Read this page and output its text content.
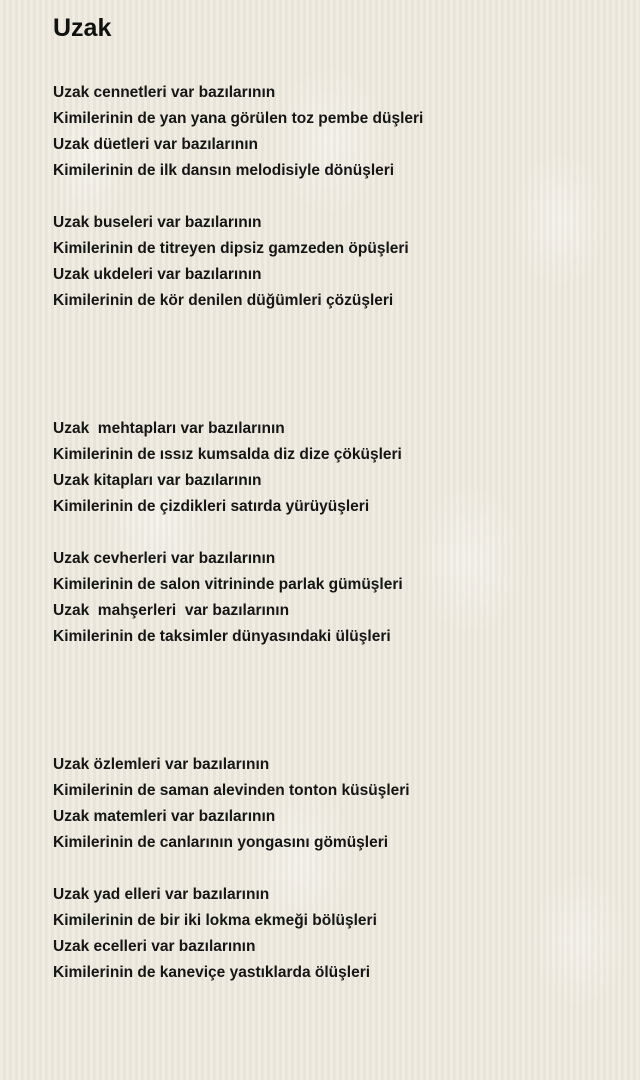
Uzak
Uzak cennetleri var bazılarının
Kimilerinin de yan yana görülen toz pembe düşleri
Uzak düetleri var bazılarının
Kimilerinin de ilk dansın melodisiyle dönüşleri
Uzak buseleri var bazılarının
Kimilerinin de titreyen dipsiz gamzeden öpüşleri
Uzak ukdeleri var bazılarının
Kimilerinin de kör denilen düğümleri çözüşleri
Uzak  mehtapları var bazılarının
Kimilerinin de ıssız kumsalda diz dize çöküşleri
Uzak kitapları var bazılarının
Kimilerinin de çizdikleri satırda yürüyüşleri
Uzak cevherleri var bazılarının
Kimilerinin de salon vitrininde parlak gümüşleri
Uzak  mahşerleri  var bazılarının
Kimilerinin de taksimler dünyasındaki ülüşleri
Uzak özlemleri var bazılarının
Kimilerinin de saman alevinden tonton küsüşleri
Uzak matemleri var bazılarının
Kimilerinin de canlarının yongasını gömüşleri
Uzak yad elleri var bazılarının
Kimilerinin de bir iki lokma ekmeği bölüşleri
Uzak ecelleri var bazılarının
Kimilerinin de kaneviçe yastıklarda ölüşleri
